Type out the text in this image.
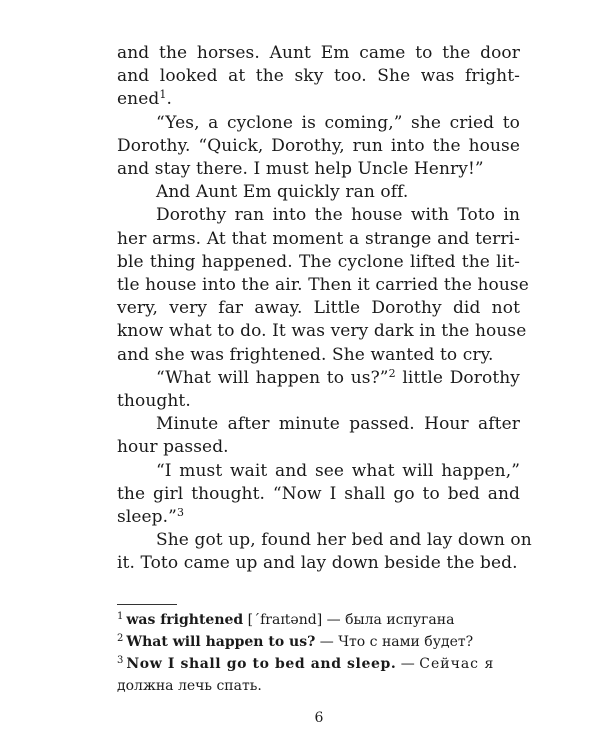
and the horses. Aunt Em came to the door
and looked at the sky too. She was fright-
ened$^1$.

“Yes, a cyclone is coming,” she cried to
Dorothy. “Quick, Dorothy, run into the house
and stay there. I must help Uncle Henry!”

And Aunt Em quickly ran off.

Dorothy ran into the house with Toto in
her arms. At that moment a strange and terri-
ble thing happened. The cyclone lifted the lit-
tle house into the air. Then it carried the house
very, very far away. Little Dorothy did not
know what to do. It was very dark in the house
and she was frightened. She wanted to cry.

“What will happen to us?”$^2$ little Dorothy
thought.

Minute after minute passed. Hour after
hour passed.

“I must wait and see what will happen,”
the girl thought. “Now I shall go to bed and
sleep.”$^3$

She got up, found her bed and lay down on
it. Toto came up and lay down beside the bed.

$^1$ was frightened [´fraɪtənd] — была испугана

$^2$ What will happen to us? — Что с нами будет?

$^3$ Now I shall go to bed and sleep. — Сейчас я
должна лечь спать.

6
